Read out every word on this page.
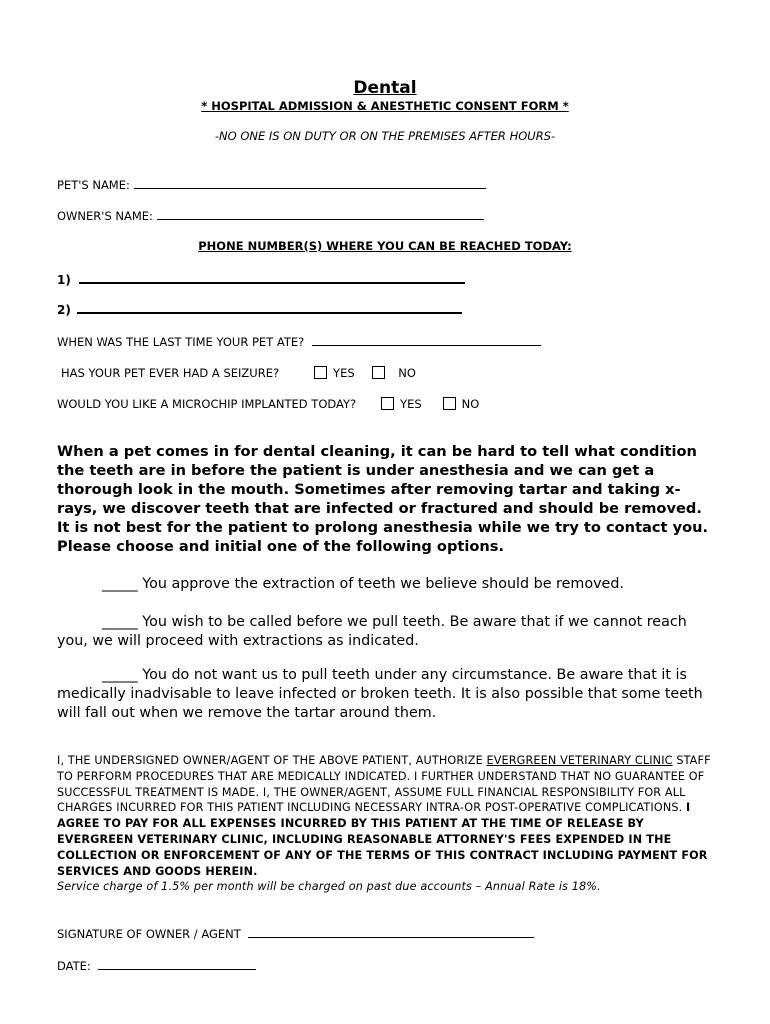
Dental
* HOSPITAL ADMISSION & ANESTHETIC CONSENT FORM *
-NO ONE IS ON DUTY OR ON THE PREMISES AFTER HOURS-
PET'S NAME:
OWNER'S NAME:
PHONE NUMBER(S) WHERE YOU CAN BE REACHED TODAY:
1)
2)
WHEN WAS THE LAST TIME YOUR PET ATE?
HAS YOUR PET EVER HAD A SEIZURE?	YES	NO
WOULD YOU LIKE A MICROCHIP IMPLANTED TODAY?	YES	NO
When a pet comes in for dental cleaning, it can be hard to tell what condition the teeth are in before the patient is under anesthesia and we can get a thorough look in the mouth. Sometimes after removing tartar and taking x-rays, we discover teeth that are infected or fractured and should be removed. It is not best for the patient to prolong anesthesia while we try to contact you. Please choose and initial one of the following options.
_____ You approve the extraction of teeth we believe should be removed.
_____ You wish to be called before we pull teeth. Be aware that if we cannot reach you, we will proceed with extractions as indicated.
_____ You do not want us to pull teeth under any circumstance. Be aware that it is medically inadvisable to leave infected or broken teeth. It is also possible that some teeth will fall out when we remove the tartar around them.
I, THE UNDERSIGNED OWNER/AGENT OF THE ABOVE PATIENT, AUTHORIZE EVERGREEN VETERINARY CLINIC STAFF TO PERFORM PROCEDURES THAT ARE MEDICALLY INDICATED. I FURTHER UNDERSTAND THAT NO GUARANTEE OF SUCCESSFUL TREATMENT IS MADE. I, THE OWNER/AGENT, ASSUME FULL FINANCIAL RESPONSIBILITY FOR ALL CHARGES INCURRED FOR THIS PATIENT INCLUDING NECESSARY INTRA-OR POST-OPERATIVE COMPLICATIONS. I AGREE TO PAY FOR ALL EXPENSES INCURRED BY THIS PATIENT AT THE TIME OF RELEASE BY EVERGREEN VETERINARY CLINIC, INCLUDING REASONABLE ATTORNEY'S FEES EXPENDED IN THE COLLECTION OR ENFORCEMENT OF ANY OF THE TERMS OF THIS CONTRACT INCLUDING PAYMENT FOR SERVICES AND GOODS HEREIN.
Service charge of 1.5% per month will be charged on past due accounts – Annual Rate is 18%.
SIGNATURE OF OWNER / AGENT
DATE:
